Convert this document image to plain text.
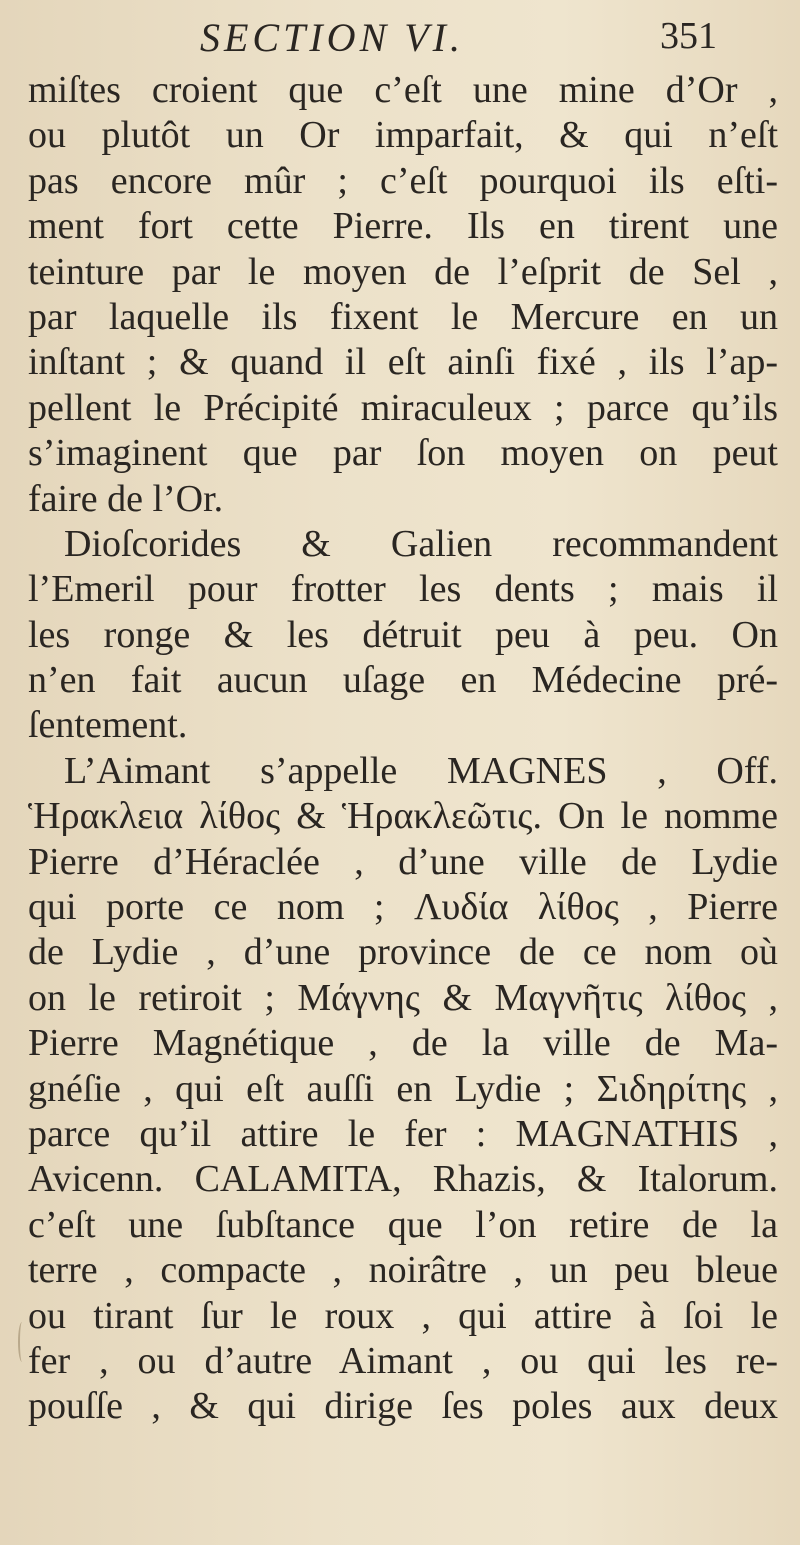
SECTION VI.	351
miſtes croient que c’eſt une mine d’Or ,
ou plutôt un Or imparfait, & qui n’eſt
pas encore mûr ; c’eſt pourquoi ils eſti-
ment fort cette Pierre. Ils en tirent une
teinture par le moyen de l’eſprit de Sel ,
par laquelle ils fixent le Mercure en un
inſtant ; & quand il eſt ainſi fixé , ils l’ap-
pellent le Précipité miraculeux ; parce qu’ils
s’imaginent que par ſon moyen on peut
faire de l’Or.
Dioſcorides & Galien recommandent
l’Emeril pour frotter les dents ; mais il
les ronge & les détruit peu à peu. On
n’en fait aucun uſage en Médecine pré-
ſentement.
L’Aimant s’appelle MAGNES , Off.
Ἡρακλεια λίθος & Ἡρακλεῶτις. On le nomme
Pierre d’Héraclée , d’une ville de Lydie
qui porte ce nom ; Λυδία λίθος , Pierre
de Lydie , d’une province de ce nom où
on le retiroit ; Μάγνης & Μαγνῆτις λίθος ,
Pierre Magnétique , de la ville de Ma-
gnéſie , qui eſt auſſi en Lydie ; Σιδηρίτης ,
parce qu’il attire le fer : MAGNATHIS ,
Avicenn. CALAMITA, Rhazis, & Italorum.
c’eſt une ſubſtance que l’on retire de la
terre , compacte , noirâtre , un peu bleue
ou tirant ſur le roux , qui attire à ſoi le
fer , ou d’autre Aimant , ou qui les re-
pouſſe , & qui dirige ſes poles aux deux
